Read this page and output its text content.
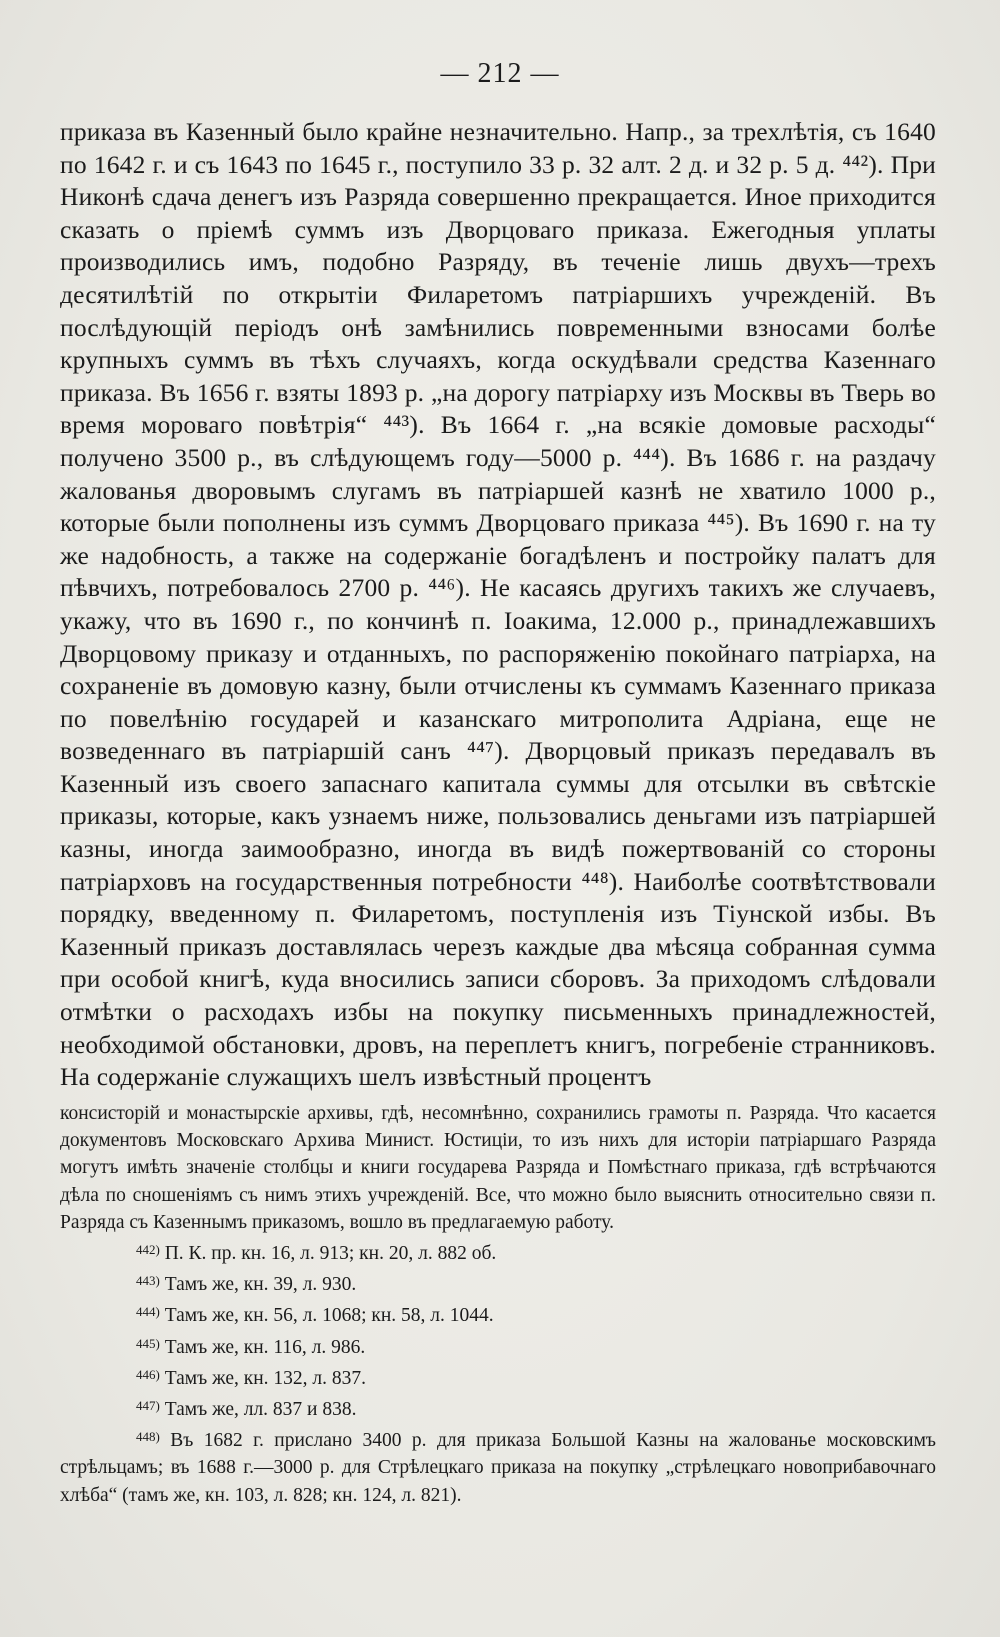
— 212 —

приказа въ Казенный было крайне незначительно. Напр., за трехлѣтія, съ 1640 по 1642 г. и съ 1643 по 1645 г., поступило 33 р. 32 алт. 2 д. и 32 р. 5 д. ⁴⁴²). При Никонѣ сдача денегъ изъ Разряда совершенно прекращается. Иное приходится сказать о пріемѣ суммъ изъ Дворцоваго приказа. Ежегодныя уплаты производились имъ, подобно Разряду, въ теченіе лишь двухъ—трехъ десятилѣтій по открытіи Филаретомъ патріаршихъ учрежденій. Въ послѣдующій періодъ онѣ замѣнились повременными взносами болѣе крупныхъ суммъ въ тѣхъ случаяхъ, когда оскудѣвали средства Казеннаго приказа. Въ 1656 г. взяты 1893 р. „на дорогу патріарху изъ Москвы въ Тверь во время мороваго повѣтрія“ ⁴⁴³). Въ 1664 г. „на всякіе домовые расходы“ получено 3500 р., въ слѣдующемъ году—5000 р. ⁴⁴⁴). Въ 1686 г. на раздачу жалованья дворовымъ слугамъ въ патріаршей казнѣ не хватило 1000 р., которые были пополнены изъ суммъ Дворцоваго приказа ⁴⁴⁵). Въ 1690 г. на ту же надобность, а также на содержаніе богадѣленъ и постройку палатъ для пѣвчихъ, потребовалось 2700 р. ⁴⁴⁶). Не касаясь другихъ такихъ же случаевъ, укажу, что въ 1690 г., по кончинѣ п. Іоакима, 12.000 р., принадлежавшихъ Дворцовому приказу и отданныхъ, по распоряженію покойнаго патріарха, на сохраненіе въ домовую казну, были отчислены къ суммамъ Казеннаго приказа по повелѣнію государей и казанскаго митрополита Адріана, еще не возведеннаго въ патріаршій санъ ⁴⁴⁷). Дворцовый приказъ передавалъ въ Казенный изъ своего запаснаго капитала суммы для отсылки въ свѣтскіе приказы, которые, какъ узнаемъ ниже, пользовались деньгами изъ патріаршей казны, иногда заимообразно, иногда въ видѣ пожертвованій со стороны патріарховъ на государственныя потребности ⁴⁴⁸). Наиболѣе соотвѣтствовали порядку, введенному п. Филаретомъ, поступленія изъ Тіунской избы. Въ Казенный приказъ доставлялась черезъ каждые два мѣсяца собранная сумма при особой книгѣ, куда вносились записи сборовъ. За приходомъ слѣдовали отмѣтки о расходахъ избы на покупку письменныхъ принадлежностей, необходимой обстановки, дровъ, на переплетъ книгъ, погребеніе странниковъ. На содержаніе служащихъ шелъ извѣстный процентъ

консисторій и монастырскіе архивы, гдѣ, несомнѣнно, сохранились грамоты п. Разряда. Что касается документовъ Московскаго Архива Минист. Юстиціи, то изъ нихъ для исторіи патріаршаго Разряда могутъ имѣть значеніе столбцы и книги государева Разряда и Помѣстнаго приказа, гдѣ встрѣчаются дѣла по сношеніямъ съ нимъ этихъ учрежденій. Все, что можно было выяснить относительно связи п. Разряда съ Казеннымъ приказомъ, вошло въ предлагаемую работу.

$^{442)}$ П. К. пр. кн. 16, л. 913; кн. 20, л. 882 об.
$^{443)}$ Тамъ же, кн. 39, л. 930.
$^{444)}$ Тамъ же, кн. 56, л. 1068; кн. 58, л. 1044.
$^{445)}$ Тамъ же, кн. 116, л. 986.
$^{446)}$ Тамъ же, кн. 132, л. 837.
$^{447)}$ Тамъ же, лл. 837 и 838.
$^{448)}$ Въ 1682 г. прислано 3400 р. для приказа Большой Казны на жалованье московскимъ стрѣльцамъ; въ 1688 г.—3000 р. для Стрѣлецкаго приказа на покупку „стрѣлецкаго новоприбавочнаго хлѣба“ (тамъ же, кн. 103, л. 828; кн. 124, л. 821).
